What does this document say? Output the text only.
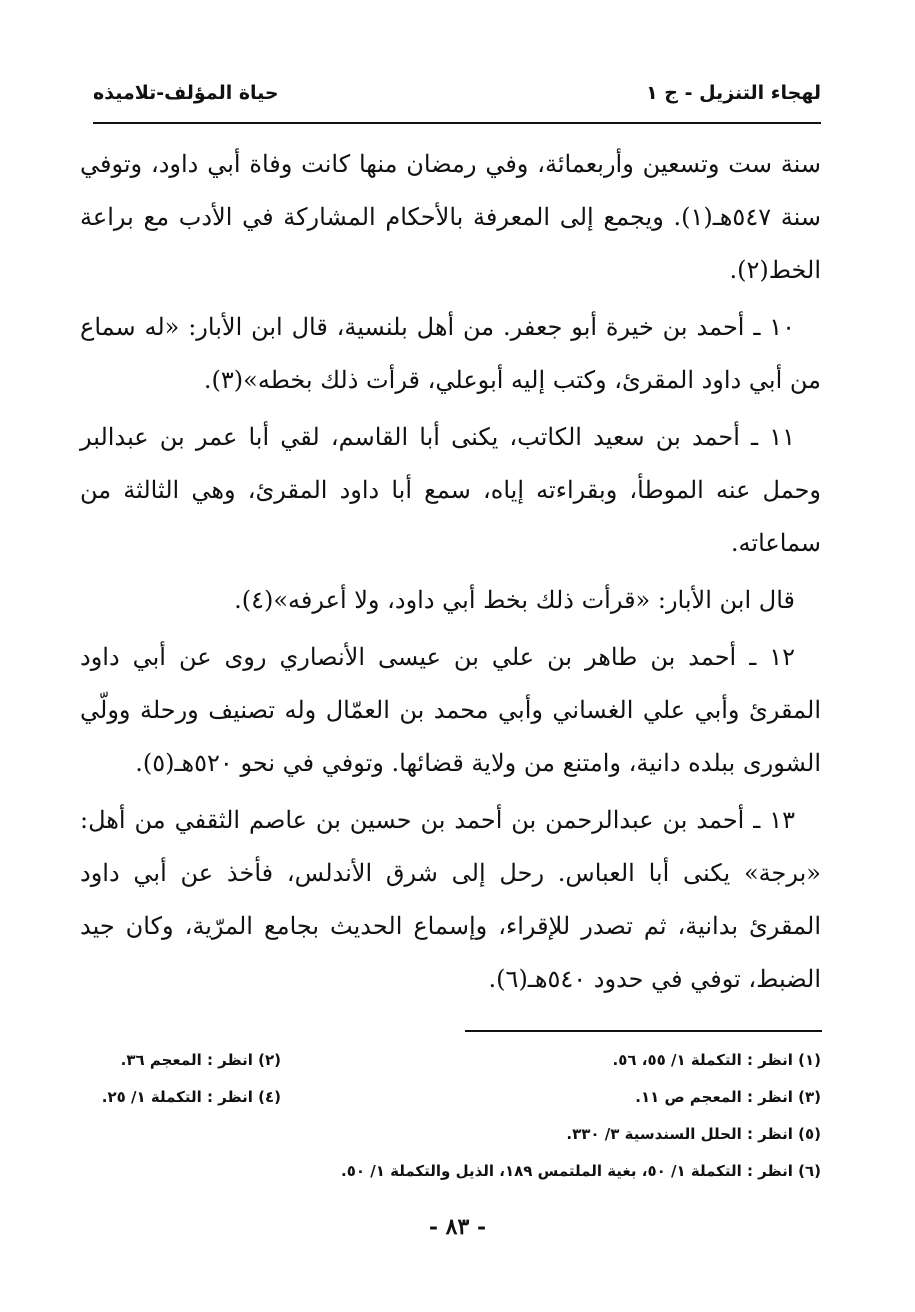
لهجاء التنزيل - ج ١
حياة المؤلف-تلاميذه

سنة ست وتسعين وأربعمائة، وفي رمضان منها كانت وفاة أبي داود، وتوفي سنة ٥٤٧هـ(١). ويجمع إلى المعرفة بالأحكام المشاركة في الأدب مع براعة الخط(٢).

١٠ ـ أحمد بن خيرة أبو جعفر. من أهل بلنسية، قال ابن الأبار: «له سماع من أبي داود المقرئ، وكتب إليه أبوعلي، قرأت ذلك بخطه»(٣).

١١ ـ أحمد بن سعيد الكاتب، يكنى أبا القاسم، لقي أبا عمر بن عبدالبر وحمل عنه الموطأ، وبقراءته إياه، سمع أبا داود المقرئ، وهي الثالثة من سماعاته.

قال ابن الأبار: «قرأت ذلك بخط أبي داود، ولا أعرفه»(٤).

١٢ ـ أحمد بن طاهر بن علي بن عيسى الأنصاري روى عن أبي داود المقرئ وأبي علي الغساني وأبي محمد بن العمّال وله تصنيف ورحلة وولّي الشورى ببلده دانية، وامتنع من ولاية قضائها. وتوفي في نحو ٥٢٠هـ(٥).

١٣ ـ أحمد بن عبدالرحمن بن أحمد بن حسين بن عاصم الثقفي من أهل: «برجة» يكنى أبا العباس. رحل إلى شرق الأندلس، فأخذ عن أبي داود المقرئ بدانية، ثم تصدر للإقراء، وإسماع الحديث بجامع المرّية، وكان جيد الضبط، توفي في حدود ٥٤٠هـ(٦).

(١) انظر : التكملة ١/ ٥٥، ٥٦.
(٢) انظر : المعجم ٣٦.
(٣) انظر : المعجم ص ١١.
(٤) انظر : التكملة ١/ ٢٥.
(٥) انظر : الحلل السندسية ٣/ ٣٣٠.
(٦) انظر : التكملة ١/ ٥٠، بغية الملتمس ١٨٩، الذيل والتكملة ١/ ٥٠.
- ٨٣ -
